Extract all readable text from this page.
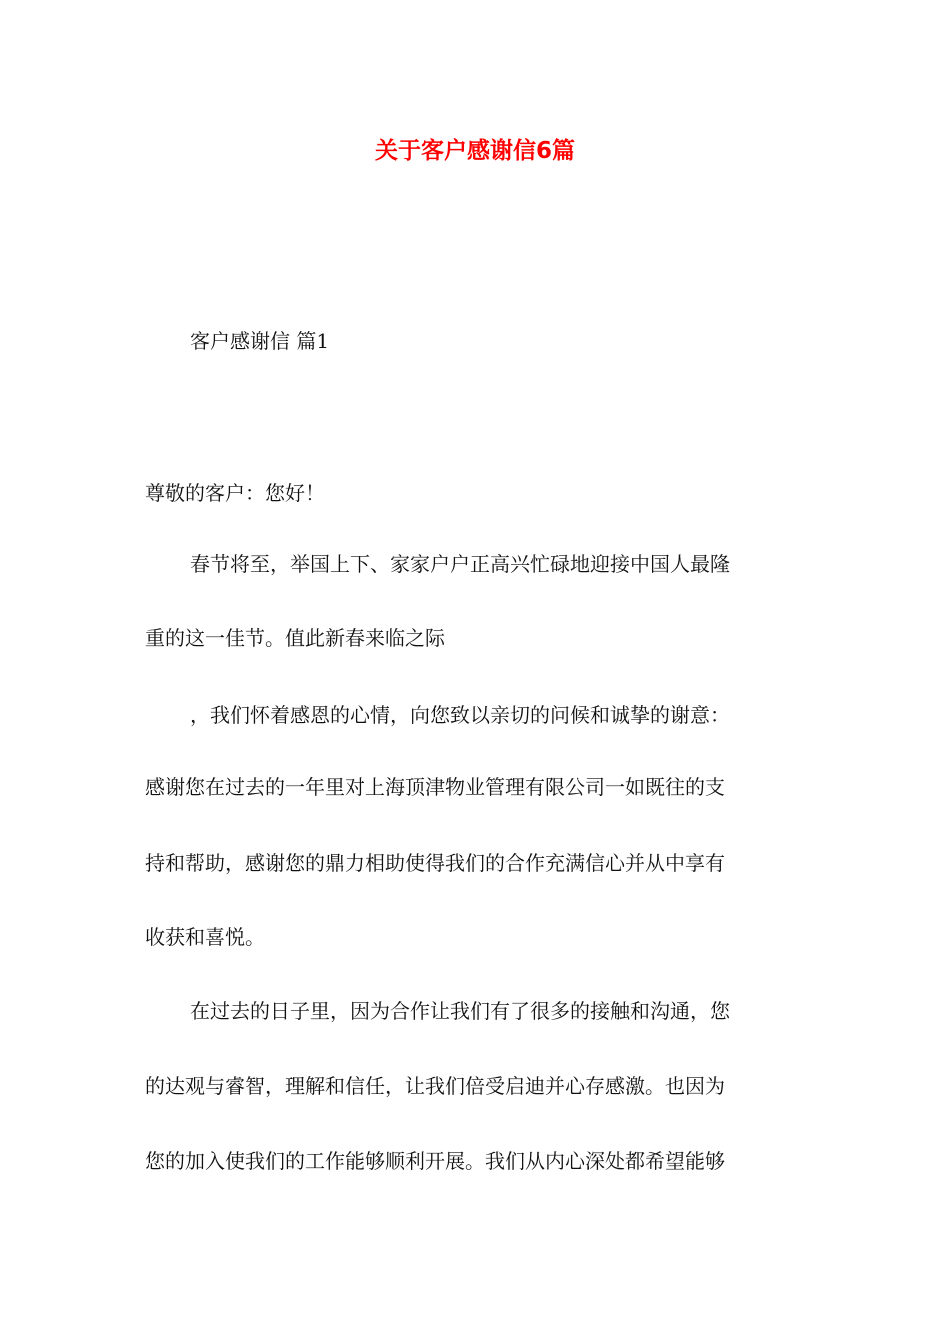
关于客户感谢信6篇

客户感谢信 篇1

尊敬的客户：您好！

春节将至，举国上下、家家户户正高兴忙碌地迎接中国人最隆

重的这一佳节。值此新春来临之际

，我们怀着感恩的心情，向您致以亲切的问候和诚挚的谢意：

感谢您在过去的一年里对上海顶津物业管理有限公司一如既往的支

持和帮助，感谢您的鼎力相助使得我们的合作充满信心并从中享有

收获和喜悦。

在过去的日子里，因为合作让我们有了很多的接触和沟通，您

的达观与睿智，理解和信任，让我们倍受启迪并心存感激。也因为

您的加入使我们的工作能够顺利开展。我们从内心深处都希望能够
